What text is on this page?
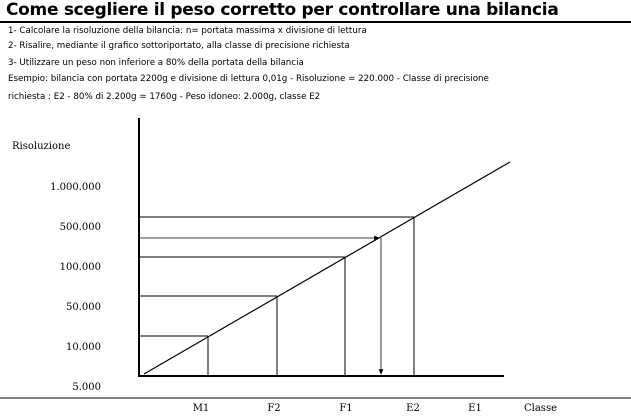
Come scegliere il peso corretto per controllare una bilancia
1- Calcolare la risoluzione della bilancia: n= portata massima x divisione di lettura
2- Risalire, mediante il grafico sottoriportato, alla classe di precisione richiesta
3- Utilizzare un peso non inferiore a 80% della portata della bilancia
Esempio: bilancia con portata 2200g e divisione di lettura 0,01g - Risoluzione = 220.000 - Classe di precisione
richiesta : E2 - 80% di 2.200g = 1760g - Peso idoneo: 2.000g, classe E2
Risoluzione
Classe
1.000.000
500.000
100.000
50.000
10.000
5.000
M1	F2	F1	E2	E1
